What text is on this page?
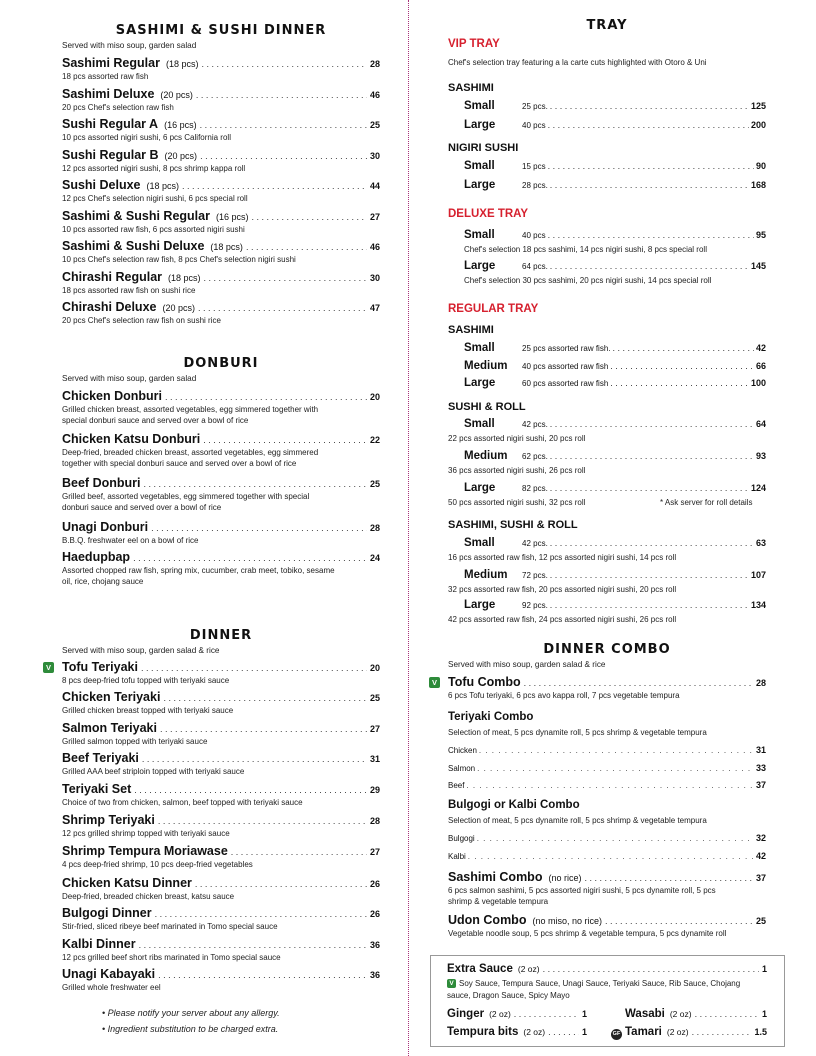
SASHIMI & SUSHI DINNER
Served with miso soup, garden salad
Sashimi Regular (18 pcs) . . .	28
18 pcs assorted raw fish
Sashimi Deluxe (20 pcs) . . .	46
20 pcs Chef's selection raw fish
Sushi Regular A (16 pcs) . . .	25
10 pcs assorted nigiri sushi, 6 pcs California roll
Sushi Regular B (20 pcs) . . .	30
12 pcs assorted nigiri sushi, 8 pcs shrimp kappa roll
Sushi Deluxe (18 pcs) . . .	44
12 pcs Chef's selection nigiri sushi, 6 pcs special roll
Sashimi & Sushi Regular (16 pcs) . . .	27
10 pcs assorted raw fish, 6 pcs assorted nigiri sushi
Sashimi & Sushi Deluxe (18 pcs) . . .	46
10 pcs Chef's selection raw fish, 8 pcs Chef's selection nigiri sushi
Chirashi Regular (18 pcs) . . .	30
18 pcs assorted raw fish on sushi rice
Chirashi Deluxe (20 pcs) . . .	47
20 pcs Chef's selection raw fish on sushi rice
DONBURI
Served with miso soup, garden salad
Chicken Donburi . . .	20
Grilled chicken breast, assorted vegetables, egg simmered together with special donburi sauce and served over a bowl of rice
Chicken Katsu Donburi . . .	22
Deep-fried, breaded chicken breast, assorted vegetables, egg simmered together with special donburi sauce and served over a bowl of rice
Beef Donburi . . .	25
Grilled beef, assorted vegetables, egg simmered together with special donburi sauce and served over a bowl of rice
Unagi Donburi . . .	28
B.B.Q. freshwater eel on a bowl of rice
Haedupbap . . .	24
Assorted chopped raw fish, spring mix, cucumber, crab meet, tobiko, sesame oil, rice, chojang sauce
DINNER
Served with miso soup, garden salad & rice
V Tofu Teriyaki . . .	20
8 pcs deep-fried tofu topped with teriyaki sauce
Chicken Teriyaki . . .	25
Grilled chicken breast topped with teriyaki sauce
Salmon Teriyaki . . .	27
Grilled salmon topped with teriyaki sauce
Beef Teriyaki . . .	31
Grilled AAA beef striploin topped with teriyaki sauce
Teriyaki Set . . .	29
Choice of two from chicken, salmon, beef topped with teriyaki sauce
Shrimp Teriyaki . . .	28
12 pcs grilled shrimp topped with teriyaki sauce
Shrimp Tempura Moriawase . . .	27
4 pcs deep-fried shrimp, 10 pcs deep-fried vegetables
Chicken Katsu Dinner . . .	26
Deep-fried, breaded chicken breast, katsu sauce
Bulgogi Dinner . . .	26
Stir-fried, sliced ribeye beef marinated in Tomo special sauce
Kalbi Dinner . . .	36
12 pcs grilled beef short ribs marinated in Tomo special sauce
Unagi Kabayaki . . .	36
Grilled whole freshwater eel
• Please notify your server about any allergy.
• Ingredient substitution to be charged extra.
TRAY
VIP TRAY
Chef's selection tray featuring a la carte cuts highlighted with Otoro & Uni
SASHIMI
Small	25 pcs. . . .	125
Large	40 pcs . . .	200
NIGIRI SUSHI
Small	15 pcs . . .	90
Large	28 pcs. . . .	168
DELUXE TRAY
Small	40 pcs . . .	95
Chef's selection 18 pcs sashimi, 14 pcs nigiri sushi, 8 pcs special roll
Large	64 pcs. . . .	145
Chef's selection 30 pcs sashimi, 20 pcs nigiri sushi, 14 pcs special roll
REGULAR TRAY
SASHIMI
Small	25 pcs assorted raw fish. . . .	42
Medium	40 pcs assorted raw fish . . .	66
Large	60 pcs assorted raw fish . . .	100
SUSHI & ROLL
Small	42 pcs. . . .	64
22 pcs assorted nigiri sushi, 20 pcs roll
Medium	62 pcs. . . .	93
36 pcs assorted nigiri sushi, 26 pcs roll
Large	82 pcs. . . .	124
50 pcs assorted nigiri sushi, 32 pcs roll	* Ask server for roll details
SASHIMI, SUSHI & ROLL
Small	42 pcs. . . .	63
16 pcs assorted raw fish, 12 pcs assorted nigiri sushi, 14 pcs roll
Medium	72 pcs. . . .	107
32 pcs assorted raw fish, 20 pcs assorted nigiri sushi, 20 pcs roll
Large	92 pcs. . . .	134
42 pcs assorted raw fish, 24 pcs assorted nigiri sushi, 26 pcs roll
DINNER COMBO
Served with miso soup, garden salad & rice
V Tofu Combo . . .	28
6 pcs Tofu teriyaki, 6 pcs avo kappa roll, 7 pcs vegetable tempura
Teriyaki Combo
Selection of meat, 5 pcs dynamite roll, 5 pcs shrimp & vegetable tempura
Chicken . . .	31
Salmon . . .	33
Beef . . .	37
Bulgogi or Kalbi Combo
Selection of meat, 5 pcs dynamite roll, 5 pcs shrimp & vegetable tempura
Bulgogi . . .	32
Kalbi . . .	42
Sashimi Combo (no rice) . . .	37
6 pcs salmon sashimi, 5 pcs assorted nigiri sushi, 5 pcs dynamite roll, 5 pcs shrimp & vegetable tempura
Udon Combo (no miso, no rice) . . .	25
Vegetable noodle soup, 5 pcs shrimp & vegetable tempura, 5 pcs dynamite roll
Extra Sauce (2 oz) . . .	1
V Soy Sauce, Tempura Sauce, Unagi Sauce, Teriyaki Sauce, Rib Sauce, Chojang sauce, Dragon Sauce, Spicy Mayo
Ginger (2 oz) . . .	1	Wasabi (2 oz) . . .	1
Tempura bits (2 oz) . . .	1	GF Tamari (2 oz) . . .	1.5
